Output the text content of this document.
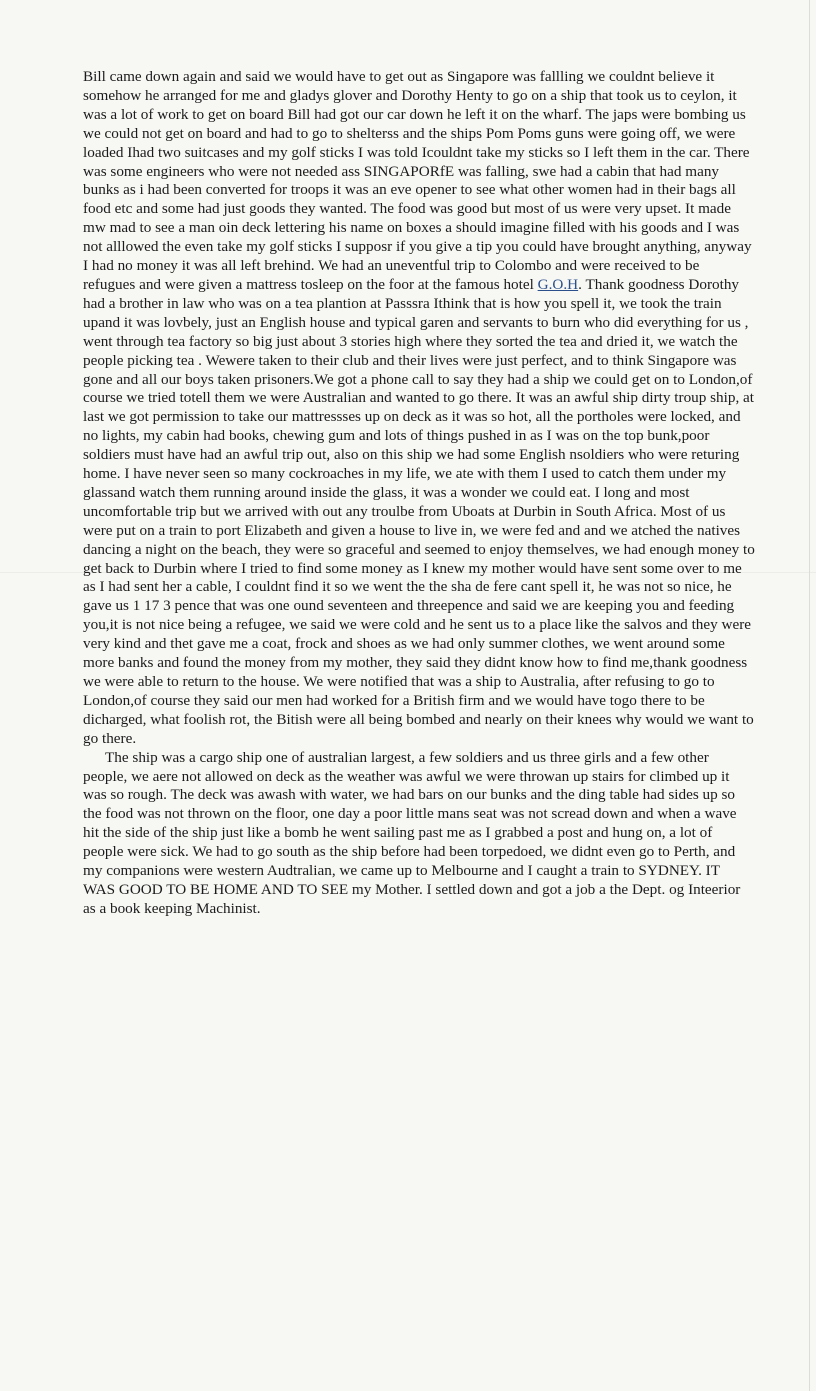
Bill came down again and said we would have to get out as Singapore was fallling we couldnt believe it somehow he arranged for me and gladys glover and Dorothy Henty to go on a ship that took us to ceylon, it was a lot of work to get on board Bill had got our car down he left it on the wharf. The japs were bombing us we could not get on board and had to go to shelterss and the ships Pom Poms guns were going off, we were loaded Ihad two suitcases and my golf sticks I was told Icouldnt take my sticks so I left them in the car. There was some engineers who were not needed ass SINGAPORfE was falling, swe had a cabin that had many bunks as i had been converted for troops it was an eve opener to see what other women had in their bags all food etc and some had just goods they wanted. The food was good but most of us were very upset. It made mw mad to see a man oin deck lettering his name on boxes a should imagine filled with his goods and I was not alllowed the even take my golf sticks I supposr if you give a tip you could have brought anything, anyway I had no money it was all left brehind. We had an uneventful trip to Colombo and were received to be refugues and were given a mattress tosleep on the foor at the famous hotel G.O.H. Thank goodness Dorothy had a brother in law who was on a tea plantion at Passsra Ithink that is how you spell it, we took the train upand it was lovbely, just an English house and typical garen and servants to burn who did everything for us , went through tea factory so big just about 3 stories high where they sorted the tea and dried it, we watch the people picking tea . Wewere taken to their club and their lives were just perfect, and to think Singapore was gone and all our boys taken prisoners.We got a phone call to say they had a ship we could get on to London,of course we tried totell them we were Australian and wanted to go there. It was an awful ship dirty troup ship, at last we got permission to take our mattressses up on deck as it was so hot, all the portholes were locked, and no lights, my cabin had books, chewing gum and lots of things pushed in as I was on the top bunk,poor soldiers must have had an awful trip out, also on this ship we had some English nsoldiers who were returing home. I have never seen so many cockroaches in my life, we ate with them I used to catch them under my glassand watch them running around inside the glass, it was a wonder we could eat. I long and most uncomfortable trip but we arrived with out any troulbe from Uboats at Durbin in South Africa. Most of us were put on a train to port Elizabeth and given a house to live in, we were fed and and we atched the natives dancing a night on the beach, they were so graceful and seemed to enjoy themselves, we had enough money to get back to Durbin where I tried to find some money as I knew my mother would have sent some over to me as I had sent her a cable, I couldnt find it so we went the the sha de fere cant spell it, he was not so nice, he gave us 1 17 3 pence that was one ound seventeen and threepence and said we are keeping you and feeding you,it is not nice being a refugee, we said we were cold and he sent us to a place like the salvos and they were very kind and thet gave me a coat, frock and shoes as we had only summer clothes, we went around some more banks and found the money from my mother, they said they didnt know how to find me,thank goodness we were able to return to the house. We were notified that was a ship to Australia, after refusing to go to London,of course they said our men had worked for a British firm and we would have togo there to be dicharged, what foolish rot, the Bitish were all being bombed and nearly on their knees why would we want to go there.

The ship was a cargo ship one of australian largest, a few soldiers and us three girls and a few other people, we aere not allowed on deck as the weather was awful we were throwan up stairs for climbed up it was so rough. The deck was awash with water, we had bars on our bunks and the ding table had sides up so the food was not thrown on the floor, one day a poor little mans seat was not scread down and when a wave hit the side of the ship just like a bomb he went sailing past me as I grabbed a post and hung on, a lot of people were sick. We had to go south as the ship before had been torpedoed, we didnt even go to Perth, and my companions were western Audtralian, we came up to Melbourne and I caught a train to SYDNEY. IT WAS GOOD TO BE HOME AND TO SEE my Mother. I settled down and got a job a the Dept. og Inteerior as a book keeping Machinist.
